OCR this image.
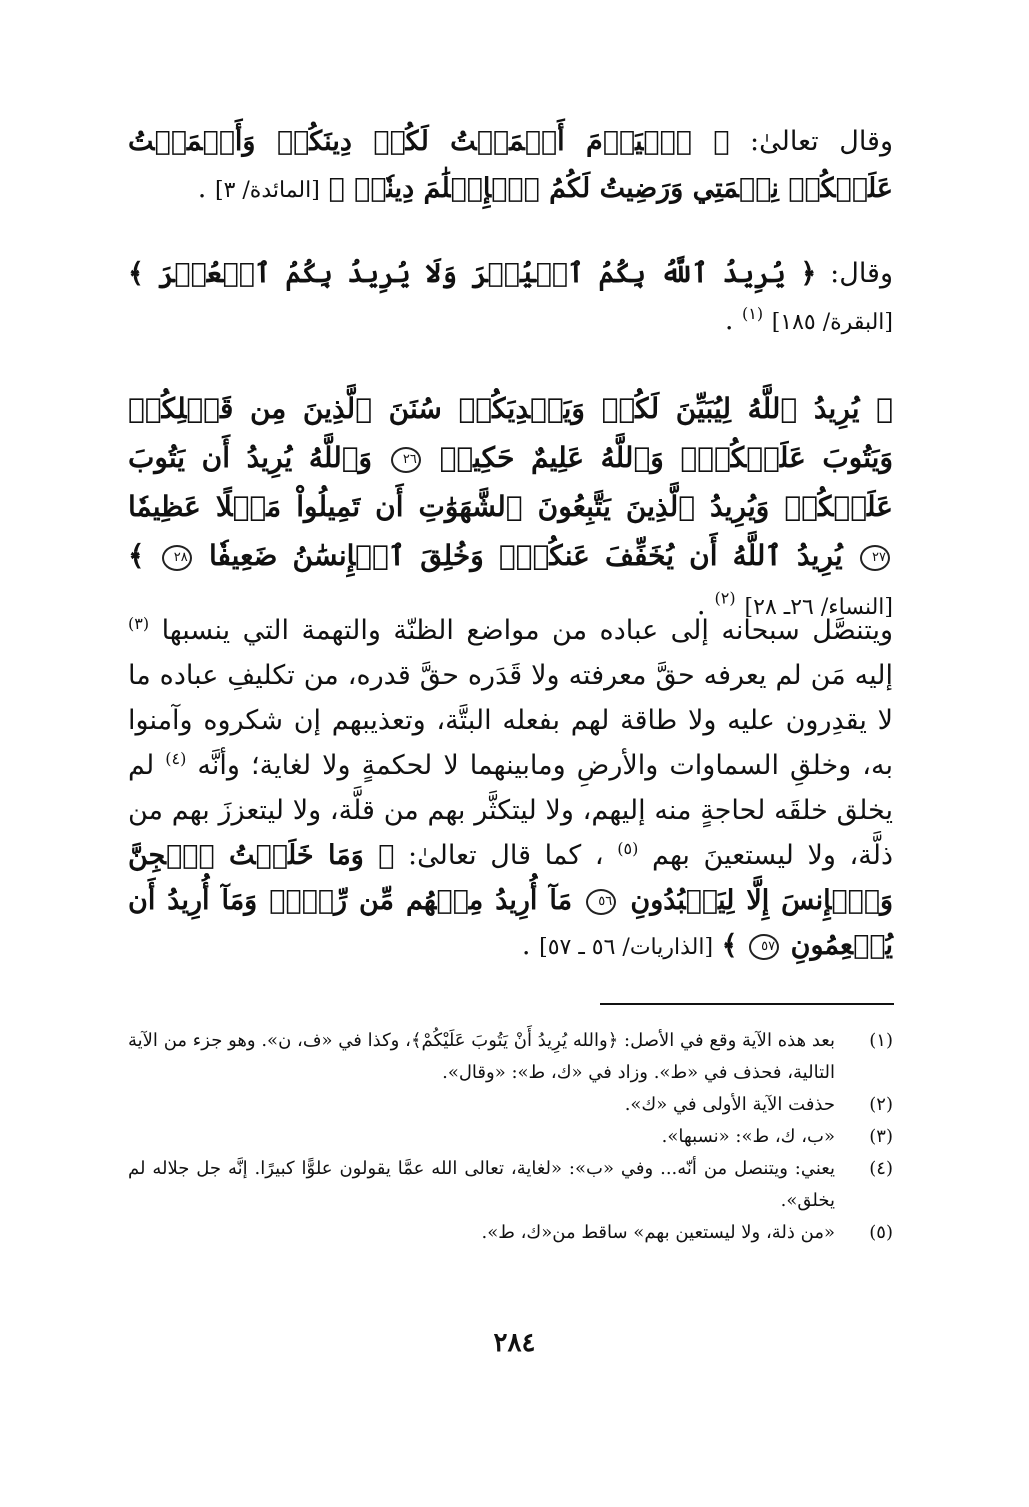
وقال تعالىٰ: ﴿ ٱلۡيَوۡمَ أَكۡمَلۡتُ لَكُمۡ دِينَكُمۡ وَأَتۡمَمۡتُ عَلَيۡكُمۡ نِعۡمَتِي وَرَضِيتُ لَكُمُ ٱلۡإِسۡلَٰمَ دِينٗاۚ ﴾ [المائدة/ ٣] .
وقال: ﴿ يُرِيدُ ٱللَّهُ بِكُمُ ٱلۡيُسۡرَ وَلَا يُرِيدُ بِكُمُ ٱلۡعُسۡرَ ﴾ [البقرة/ ١٨٥] $^{(١)}$ .
﴿ يُرِيدُ ٱللَّهُ لِيُبَيِّنَ لَكُمۡ وَيَهۡدِيَكُمۡ سُنَنَ ٱلَّذِينَ مِن قَبۡلِكُمۡ وَيَتُوبَ عَلَيۡكُمۡۗ وَٱللَّهُ عَلِيمٌ حَكِيمٞ ٢٦ وَٱللَّهُ يُرِيدُ أَن يَتُوبَ عَلَيۡكُمۡ وَيُرِيدُ ٱلَّذِينَ يَتَّبِعُونَ ٱلشَّهَوَٰتِ أَن تَمِيلُواْ مَيۡلًا عَظِيمٗا ٢٧ يُرِيدُ ٱللَّهُ أَن يُخَفِّفَ عَنكُمۡۚ وَخُلِقَ ٱلۡإِنسَٰنُ ضَعِيفٗا ٢٨ ﴾ [النساء/ ٢٦ـ ٢٨] $^{(٢)}$ .
ويتنصَّل سبحانه إلى عباده من مواضع الظنّة والتهمة التي ينسبها $^{(٣)}$ إليه مَن لم يعرفه حقَّ معرفته ولا قَدَره حقَّ قدره، من تكليفِ عباده ما لا يقدِرون عليه ولا طاقة لهم بفعله البتَّة، وتعذيبهم إن شكروه وآمنوا به، وخلقِ السماوات والأرضِ ومابينهما لا لحكمةٍ ولا لغاية؛ وأنَّه $^{(٤)}$ لم يخلق خلقَه لحاجةٍ منه إليهم، ولا ليتكثَّر بهم من قلَّة، ولا ليتعززَ بهم من ذلَّة، ولا ليستعينَ بهم $^{(٥)}$ ، كما قال تعالىٰ: ﴿ وَمَا خَلَقۡتُ ٱلۡجِنَّ وَٱلۡإِنسَ إِلَّا لِيَعۡبُدُونِ ٥٦ مَآ أُرِيدُ مِنۡهُم مِّن رِّزۡقٖ وَمَآ أُرِيدُ أَن يُطۡعِمُونِ ٥٧ ﴾ [الذاريات/ ٥٦ ـ ٥٧] .
(١)
بعد هذه الآية وقع في الأصل: ﴿والله يُرِيدُ أَنْ يَتُوبَ عَلَيْكُمْ﴾، وكذا في «ف، ن». وهو جزء من الآية التالية، فحذف في «ط». وزاد في «ك، ط»: «وقال».
(٢)
حذفت الآية الأولى في «ك».
(٣)
«ب، ك، ط»: «نسبها».
(٤)
يعني: ويتنصل من أنّه... وفي «ب»: «لغاية، تعالى الله عمَّا يقولون علوًّا كبيرًا. إنَّه جل جلاله لم يخلق».
(٥)
«من ذلة، ولا ليستعين بهم» ساقط من«ك، ط».
٢٨٤
